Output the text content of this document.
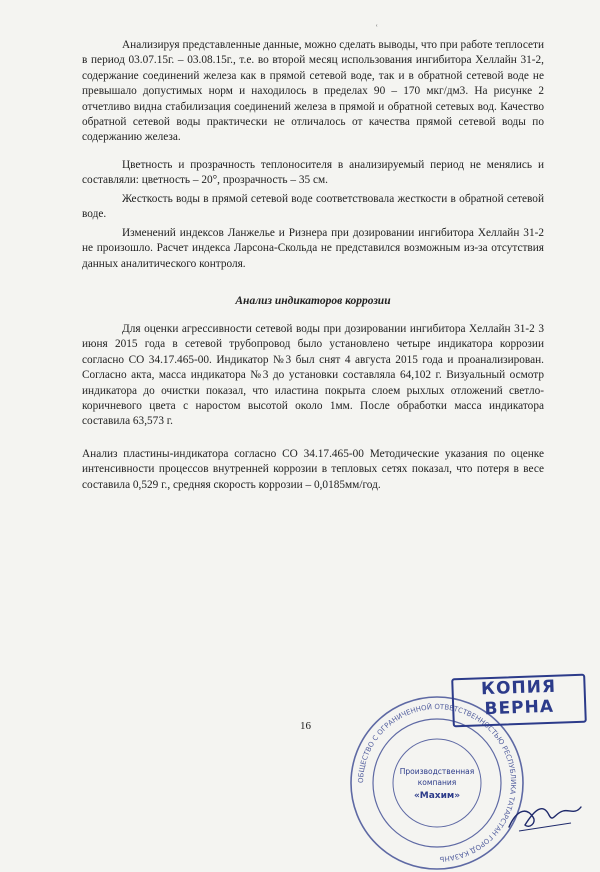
ʿ

Анализируя представленные данные, можно сделать выводы, что при работе теплосети в период 03.07.15г. – 03.08.15г., т.е. во второй месяц использования ингибитора Хеллайн 31-2, содержание соединений железа как в прямой сетевой воде, так и в обратной сетевой воде не превышало допустимых норм и находилось в пределах 90 – 170 мкг/дм3. На рисунке 2 отчетливо видна стабилизация соединений железа в прямой и обратной сетевых вод. Качество обратной сетевой воды практически не отличалось от качества прямой сетевой воды по содержанию железа.

Цветность и прозрачность теплоносителя в анализируемый период не менялись и составляли: цветность – 20°, прозрачность – 35 см.

Жесткость воды в прямой сетевой воде соответствовала жесткости в обратной сетевой воде.

Изменений индексов Ланжелье и Ризнера при дозировании ингибитора Хеллайн 31-2 не произошло. Расчет индекса Ларсона-Скольда не представился возможным из-за отсутствия данных аналитического контроля.

Анализ индикаторов коррозии

Для оценки агрессивности сетевой воды при дозировании ингибитора Хеллайн 31-2 3 июня 2015 года в сетевой трубопровод было установлено четыре индикатора коррозии согласно СО 34.17.465-00. Индикатор №3 был снят 4 августа 2015 года и проанализирован. Согласно акта, масса индикатора №3 до установки составляла 64,102 г. Визуальный осмотр индикатора до очистки показал, что иластина покрыта слоем рыхлых отложений светло- коричневого цвета с наростом высотой около 1мм. После обработки масса индикатора составила 63,573 г.

Анализ пластины-индикатора согласно СО 34.17.465-00 Методические указания по оценке интенсивности процессов внутренней коррозии в тепловых сетях показал, что потеря в весе составила 0,529 г., средняя скорость коррозии – 0,0185мм/год.

16
КОПИЯ
ВЕРНА
ОБЩЕСТВО С ОГРАНИЧЕННОЙ ОТВЕТСТВЕННОСТЬЮ РЕСПУБЛИКА ТАТАРСТАН ГОРОД КАЗАНЬ
Производственная
компания
«Махим»
